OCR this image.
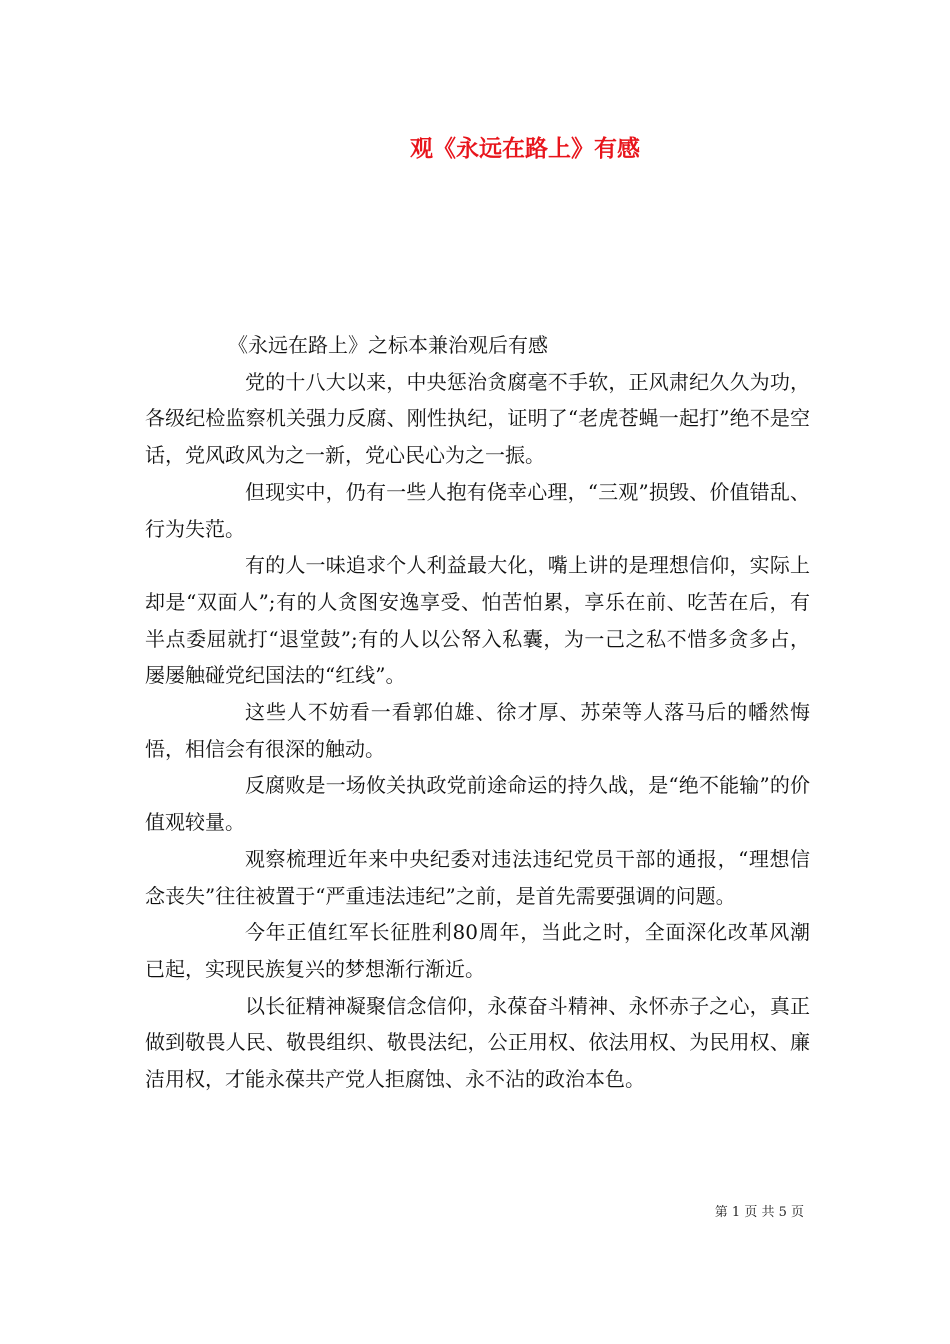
观《永远在路上》有感

《永远在路上》之标本兼治观后有感

党的十八大以来，中央惩治贪腐毫不手软，正风肃纪久久为功，各级纪检监察机关强力反腐、刚性执纪，证明了“老虎苍蝇一起打”绝不是空话，党风政风为之一新，党心民心为之一振。

但现实中，仍有一些人抱有侥幸心理，“三观”损毁、价值错乱、行为失范。

有的人一味追求个人利益最大化，嘴上讲的是理想信仰，实际上却是“双面人”;有的人贪图安逸享受、怕苦怕累，享乐在前、吃苦在后，有半点委屈就打“退堂鼓”;有的人以公帑入私囊，为一己之私不惜多贪多占，屡屡触碰党纪国法的“红线”。

这些人不妨看一看郭伯雄、徐才厚、苏荣等人落马后的幡然悔悟，相信会有很深的触动。

反腐败是一场攸关执政党前途命运的持久战，是“绝不能输”的价值观较量。

观察梳理近年来中央纪委对违法违纪党员干部的通报，“理想信念丧失”往往被置于“严重违法违纪”之前，是首先需要强调的问题。

今年正值红军长征胜利80周年，当此之时，全面深化改革风潮已起，实现民族复兴的梦想渐行渐近。

以长征精神凝聚信念信仰，永葆奋斗精神、永怀赤子之心，真正做到敬畏人民、敬畏组织、敬畏法纪，公正用权、依法用权、为民用权、廉洁用权，才能永葆共产党人拒腐蚀、永不沾的政治本色。

第 1 页 共 5 页
